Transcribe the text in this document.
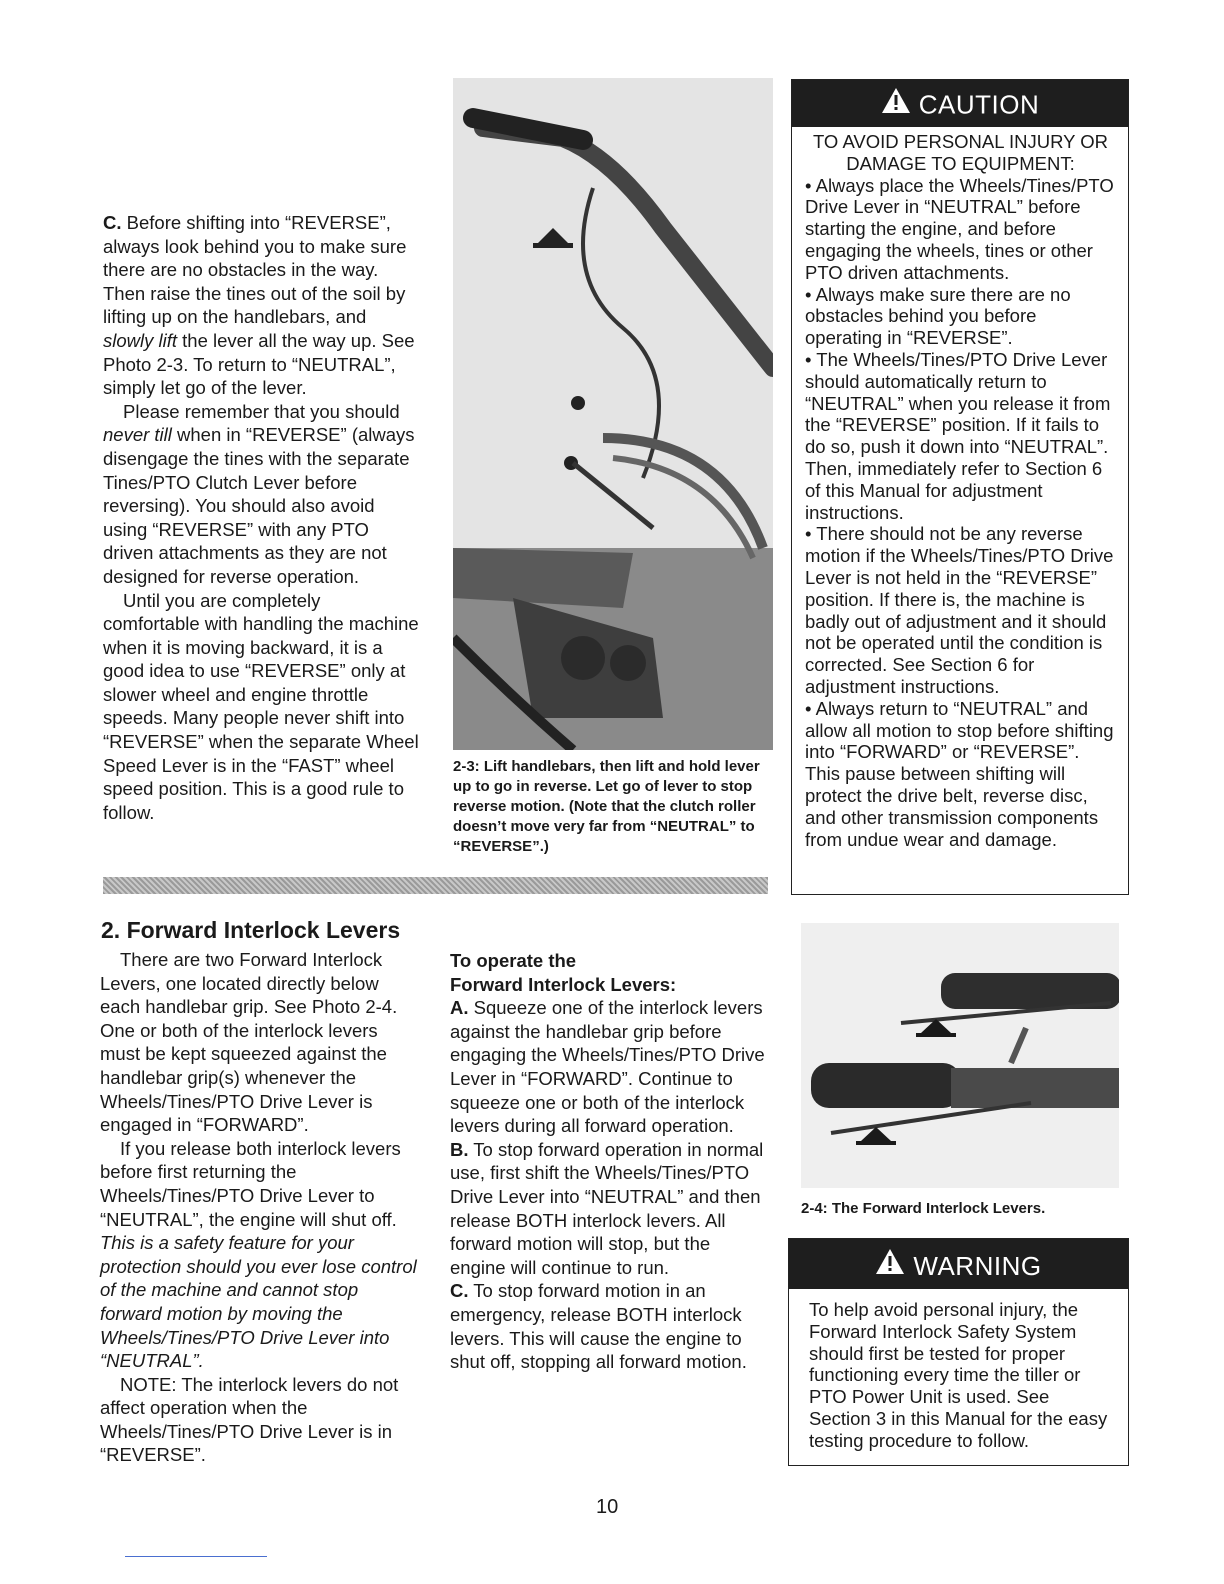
C. Before shifting into “REVERSE”, always look behind you to make sure there are no obstacles in the way. Then raise the tines out of the soil by lifting up on the handlebars, and slowly lift the lever all the way up. See Photo 2-3. To return to “NEUTRAL”, simply let go of the lever.

Please remember that you should never till when in “REVERSE” (always disengage the tines with the separate Tines/PTO Clutch Lever before reversing). You should also avoid using “REVERSE” with any PTO driven attachments as they are not designed for reverse operation.

Until you are completely comfortable with handling the machine when it is moving backward, it is a good idea to use “REVERSE” only at slower wheel and engine throttle speeds. Many people never shift into “REVERSE” when the separate Wheel Speed Lever is in the “FAST” wheel speed position. This is a good rule to follow.

2-3: Lift handlebars, then lift and hold lever up to go in reverse. Let go of lever to stop reverse motion. (Note that the clutch roller doesn’t move very far from “NEUTRAL” to “REVERSE”.)
CAUTION

TO AVOID PERSONAL INJURY OR DAMAGE TO EQUIPMENT:

• Always place the Wheels/Tines/PTO Drive Lever in “NEUTRAL” before starting the engine, and before engaging the wheels, tines or other PTO driven attachments.

• Always make sure there are no obstacles behind you before operating in “REVERSE”.

• The Wheels/Tines/PTO Drive Lever should automatically return to “NEUTRAL” when you release it from the “REVERSE” position. If it fails to do so, push it down into “NEUTRAL”. Then, immediately refer to Section 6 of this Manual for adjustment instructions.

• There should not be any reverse motion if the Wheels/Tines/PTO Drive Lever is not held in the “REVERSE” position. If there is, the machine is badly out of adjustment and it should not be operated until the condition is corrected. See Section 6 for adjustment instructions.

• Always return to “NEUTRAL” and allow all motion to stop before shifting into “FORWARD” or “REVERSE”. This pause between shifting will protect the drive belt, reverse disc, and other transmission components from undue wear and damage.

2. Forward Interlock Levers

There are two Forward Interlock Levers, one located directly below each handlebar grip. See Photo 2-4. One or both of the interlock levers must be kept squeezed against the handlebar grip(s) whenever the Wheels/Tines/PTO Drive Lever is engaged in “FORWARD”.

If you release both interlock levers before first returning the Wheels/Tines/PTO Drive Lever to “NEUTRAL”, the engine will shut off. This is a safety feature for your protection should you ever lose control of the machine and cannot stop forward motion by moving the Wheels/Tines/PTO Drive Lever into “NEUTRAL”.

NOTE: The interlock levers do not affect operation when the Wheels/Tines/PTO Drive Lever is in “REVERSE”.

To operate the
Forward Interlock Levers:

A. Squeeze one of the interlock levers against the handlebar grip before engaging the Wheels/Tines/PTO Drive Lever in “FORWARD”. Continue to squeeze one or both of the interlock levers during all forward operation.

B. To stop forward operation in normal use, first shift the Wheels/Tines/PTO Drive Lever into “NEUTRAL” and then release BOTH interlock levers. All forward motion will stop, but the engine will continue to run.

C. To stop forward motion in an emergency, release BOTH interlock levers. This will cause the engine to shut off, stopping all forward motion.

2-4: The Forward Interlock Levers.
WARNING

To help avoid personal injury, the Forward Interlock Safety System should first be tested for proper functioning every time the tiller or PTO Power Unit is used. See Section 3 in this Manual for the easy testing procedure to follow.

10
